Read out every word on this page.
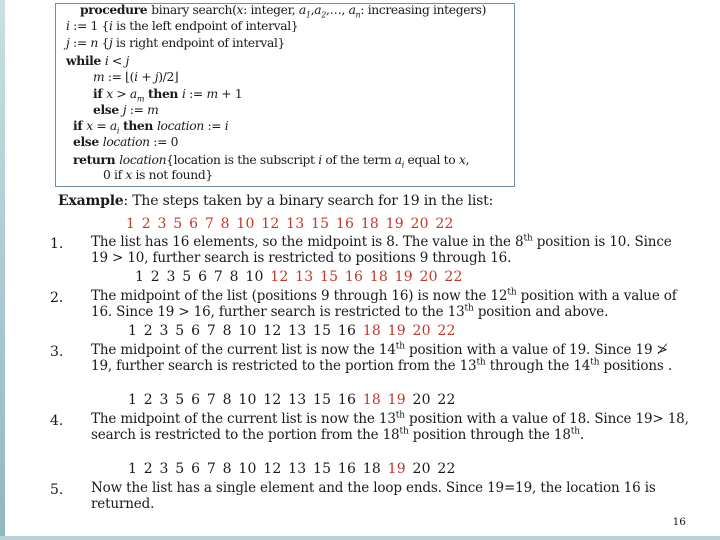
procedure binary search(x: integer, $a_1,a_2,\dots$, $a_n$: increasing integers)
i := 1 {i is the left endpoint of interval}
j := n {j is right endpoint of interval}
while i < j
m := ⌊(i + j)/2⌋
if $x > a_m$ then i := m + 1
else j := m
if $x = a_i$ then location := i
else location := 0
return location{location is the subscript i of the term $a_i$ equal to x,
0 if x is not found}
Example: The steps taken by a binary search for 19 in the list:
1 2 3 5 6 7 8 10 12 13 15 16 18 19 20 22
1 2 3 5 6 7 8 10 12 13 15 16 18 19 20 22
1 2 3 5 6 7 8 10 12 13 15 16 18 19 20 22
1 2 3 5 6 7 8 10 12 13 15 16 18 19 20 22
1 2 3 5 6 7 8 10 12 13 15 16 18 19 20 22
1. The list has 16 elements, so the midpoint is 8. The value in the 8th position is 10. Since 19 > 10, further search is restricted to positions 9 through 16.
2. The midpoint of the list (positions 9 through 16) is now the 12th position with a value of 16. Since 19 > 16, further search is restricted to the 13th position and above.
3. The midpoint of the current list is now the 14th position with a value of 19. Since 19 ≯ 19, further search is restricted to the portion from the 13th through the 14th positions .
4. The midpoint of the current list is now the 13th position with a value of 18. Since 19> 18, search is restricted to the portion from the 18th position through the 18th.
5. Now the list has a single element and the loop ends. Since 19=19, the location 16 is returned.
16
